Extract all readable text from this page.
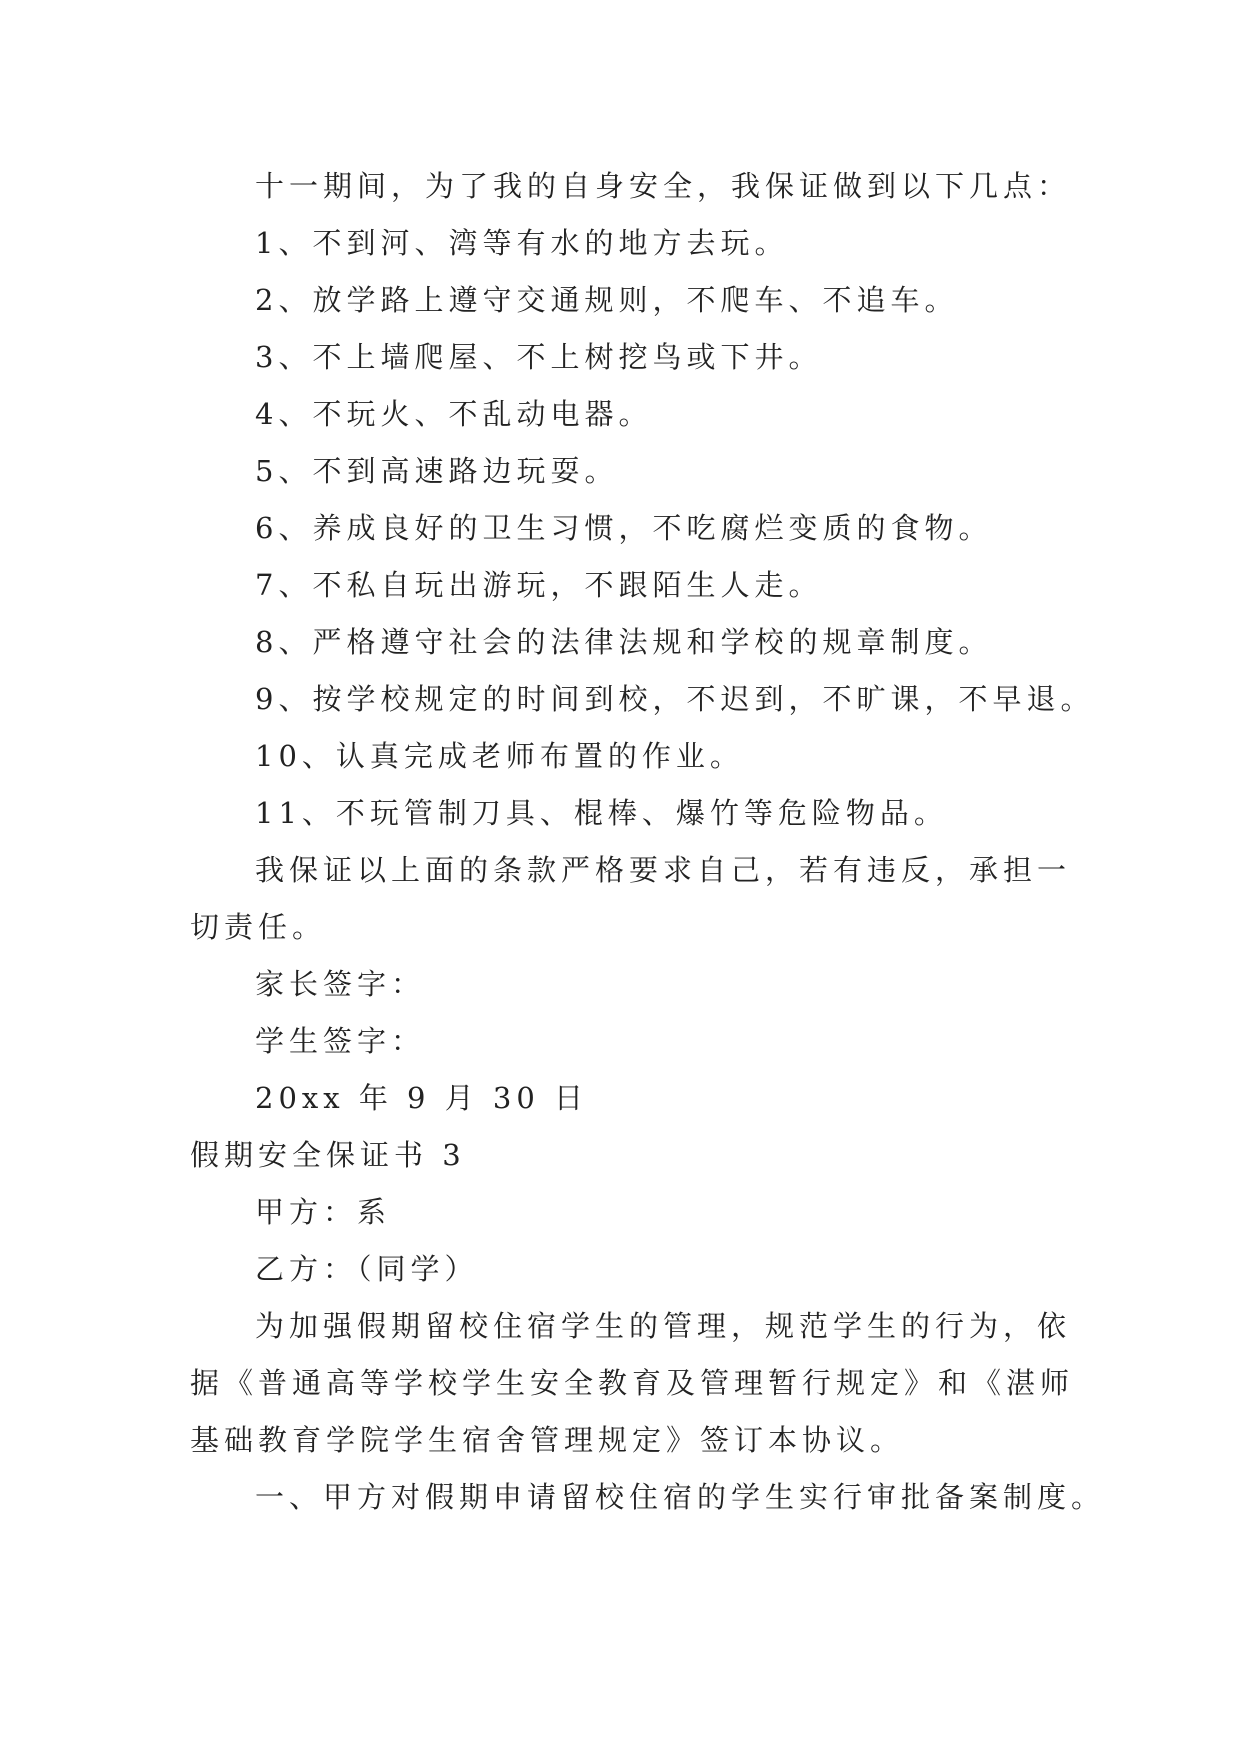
十一期间，为了我的自身安全，我保证做到以下几点：
1、不到河、湾等有水的地方去玩。
2、放学路上遵守交通规则，不爬车、不追车。
3、不上墙爬屋、不上树挖鸟或下井。
4、不玩火、不乱动电器。
5、不到高速路边玩耍。
6、养成良好的卫生习惯，不吃腐烂变质的食物。
7、不私自玩出游玩，不跟陌生人走。
8、严格遵守社会的法律法规和学校的规章制度。
9、按学校规定的时间到校，不迟到，不旷课，不早退。
10、认真完成老师布置的作业。
11、不玩管制刀具、棍棒、爆竹等危险物品。
我保证以上面的条款严格要求自己，若有违反，承担一
切责任。
家长签字：
学生签字：
20xx 年 9 月 30 日
假期安全保证书 3
甲方：系
乙方：（同学）
为加强假期留校住宿学生的管理，规范学生的行为，依
据《普通高等学校学生安全教育及管理暂行规定》和《湛师
基础教育学院学生宿舍管理规定》签订本协议。
一、甲方对假期申请留校住宿的学生实行审批备案制度。
